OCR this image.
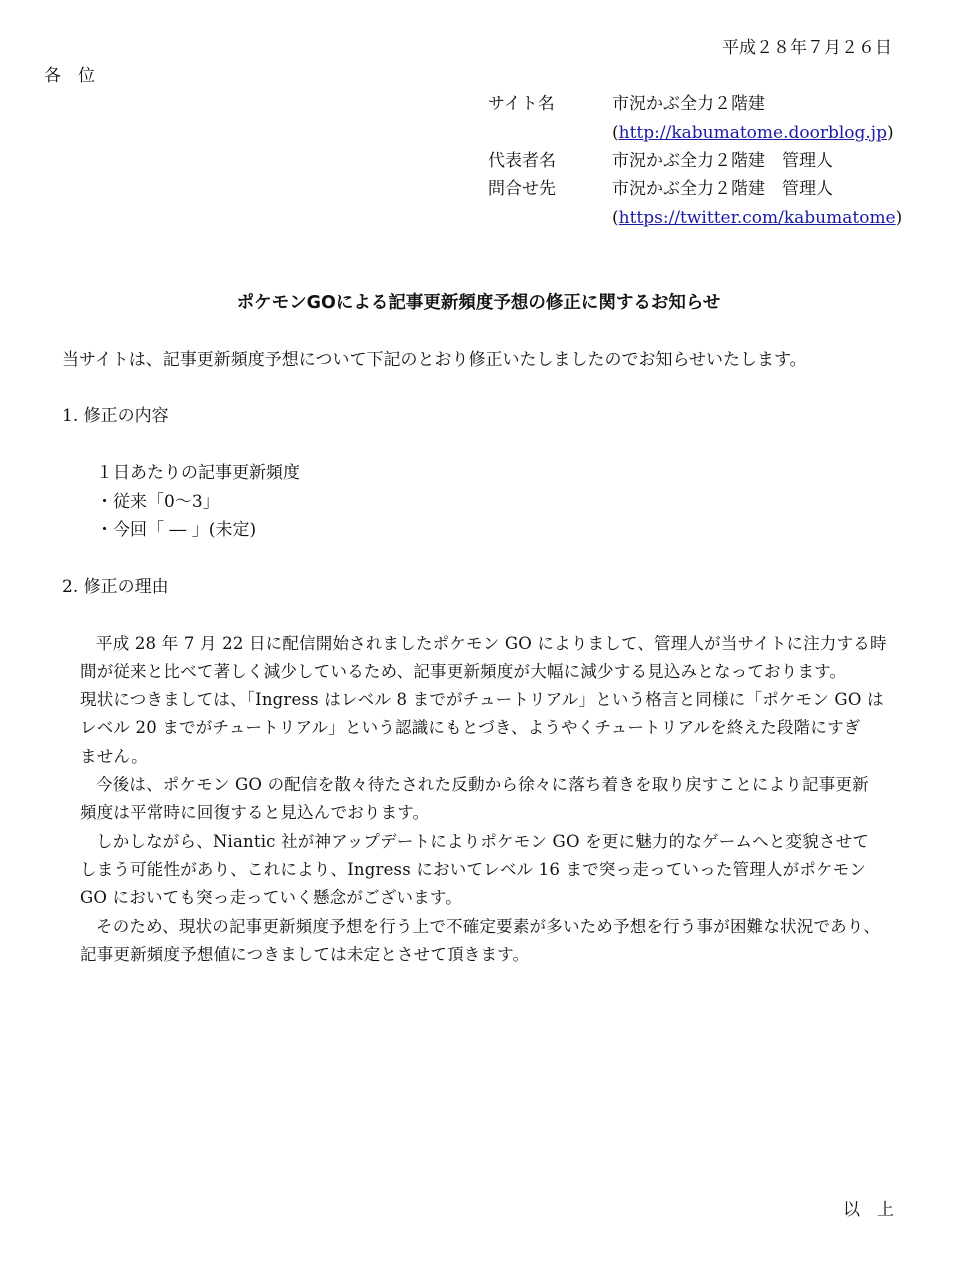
平成２８年７月２６日
各　位
サイト名	市況かぶ全力２階建
(http://kabumatome.doorblog.jp)
代表者名	市況かぶ全力２階建　管理人
問合せ先	市況かぶ全力２階建　管理人
(https://twitter.com/kabumatome)
ポケモンGOによる記事更新頻度予想の修正に関するお知らせ
当サイトは、記事更新頻度予想について下記のとおり修正いたしましたのでお知らせいたします。
1. 修正の内容
１日あたりの記事更新頻度
・従来「0～3」
・今回「 ― 」(未定)
2. 修正の理由
平成 28 年 7 月 22 日に配信開始されましたポケモン GO によりまして、管理人が当サイトに注力する時
間が従来と比べて著しく減少しているため、記事更新頻度が大幅に減少する見込みとなっております。
現状につきましては、「Ingress はレベル 8 までがチュートリアル」という格言と同様に「ポケモン GO は
レベル 20 までがチュートリアル」という認識にもとづき、ようやくチュートリアルを終えた段階にすぎ
ません。
今後は、ポケモン GO の配信を散々待たされた反動から徐々に落ち着きを取り戻すことにより記事更新
頻度は平常時に回復すると見込んでおります。
しかしながら、Niantic 社が神アップデートによりポケモン GO を更に魅力的なゲームへと変貌させて
しまう可能性があり、これにより、Ingress においてレベル 16 まで突っ走っていった管理人がポケモン
GO においても突っ走っていく懸念がございます。
そのため、現状の記事更新頻度予想を行う上で不確定要素が多いため予想を行う事が困難な状況であり、
記事更新頻度予想値につきましては未定とさせて頂きます。
以　上
